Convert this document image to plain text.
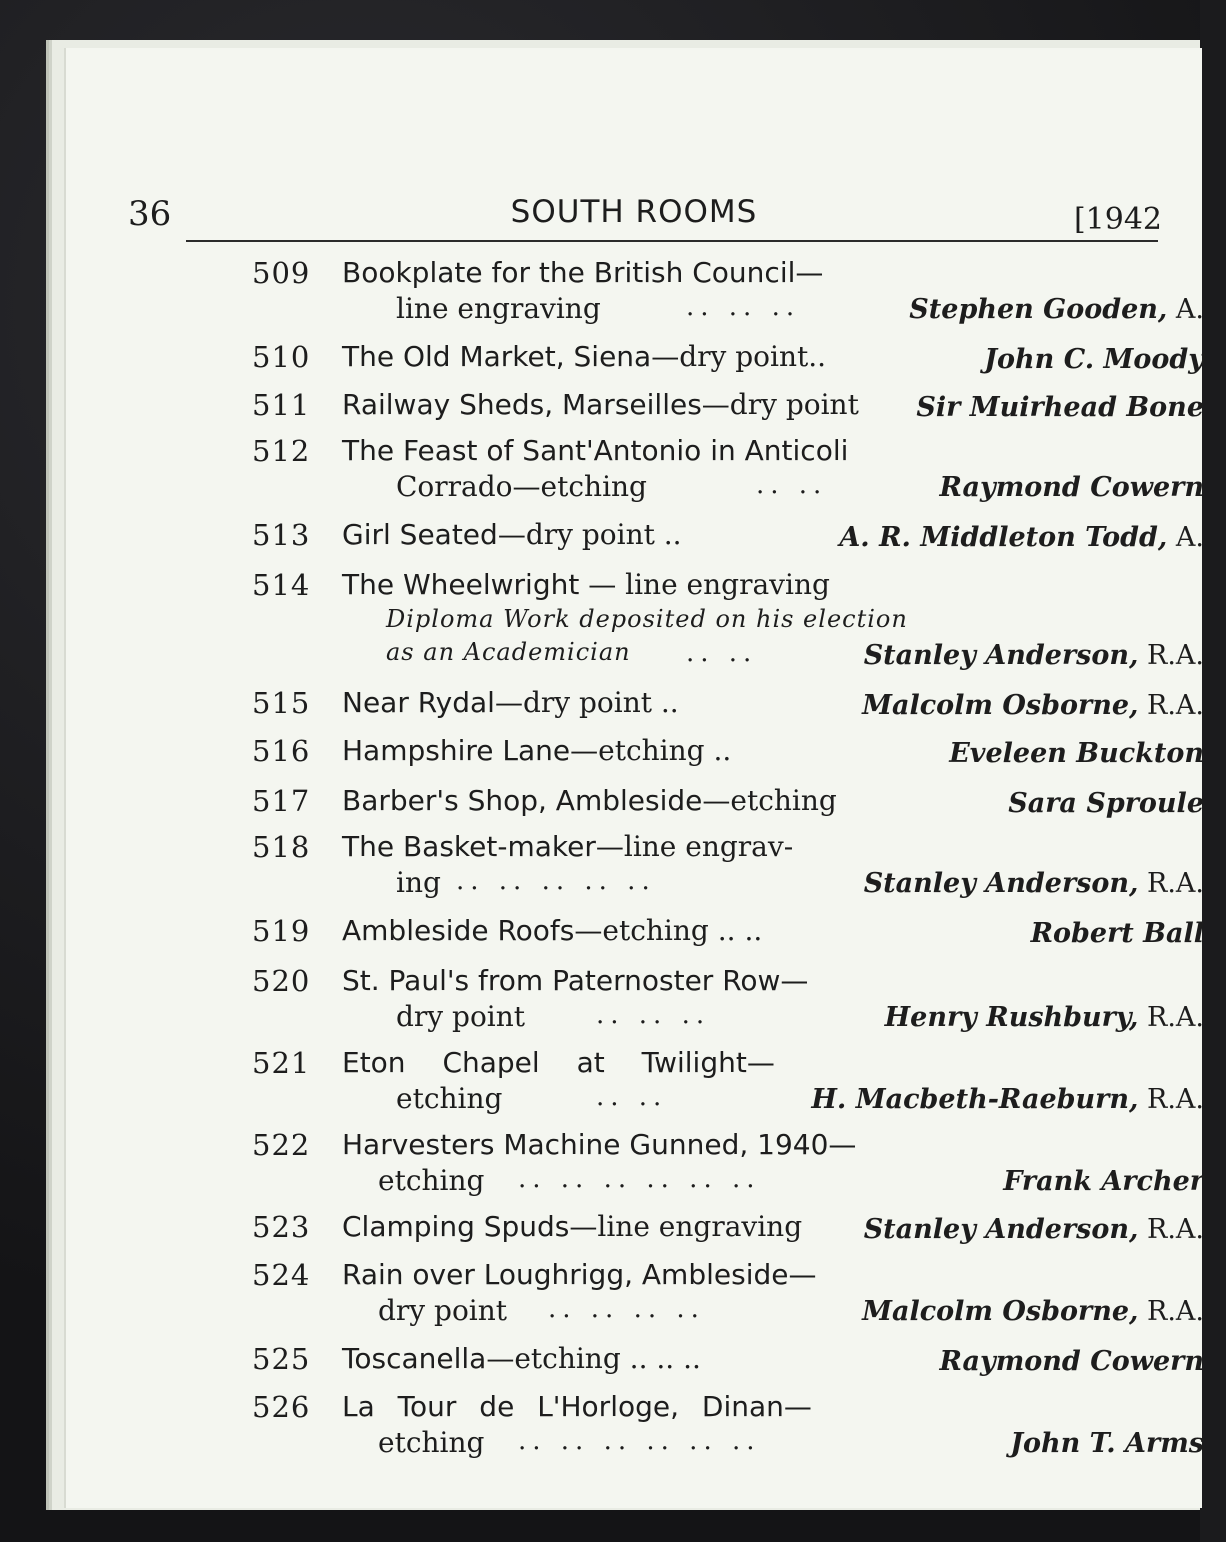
36	SOUTH ROOMS	[1942
509 Bookplate for the British Council—
line engraving	.. .. ..	Stephen Gooden, A.
510 The Old Market, Siena—dry point..	John C. Moody
511 Railway Sheds, Marseilles—dry point	Sir Muirhead Bone
512 The Feast of Sant'Antonio in Anticoli
Corrado—etching	.. ..	Raymond Cowern
513 Girl Seated—dry point ..	A. R. Middleton Todd, A.
514 The Wheelwright — line engraving
Diploma Work deposited on his election
as an Academician .. ..	Stanley Anderson, R.A.
515 Near Rydal—dry point ..	Malcolm Osborne, R.A.
516 Hampshire Lane—etching ..	Eveleen Buckton
517 Barber's Shop, Ambleside—etching	Sara Sproule
518 The Basket-maker—line engrav-
ing .. .. .. .. ..	Stanley Anderson, R.A.
519 Ambleside Roofs—etching .. ..	Robert Ball
520 St. Paul's from Paternoster Row—
dry point	.. .. ..	Henry Rushbury, R.A.
521 Eton Chapel at Twilight—
etching	.. ..	H. Macbeth-Raeburn, R.A.
522 Harvesters Machine Gunned, 1940—
etching .. .. .. .. .. ..	Frank Archer
523 Clamping Spuds—line engraving	Stanley Anderson, R.A.
524 Rain over Loughrigg, Ambleside—
dry point .. .. .. ..	Malcolm Osborne, R.A.
525 Toscanella—etching .. .. ..	Raymond Cowern
526 La Tour de L'Horloge, Dinan—
etching .. .. .. .. .. ..	John T. Arms
